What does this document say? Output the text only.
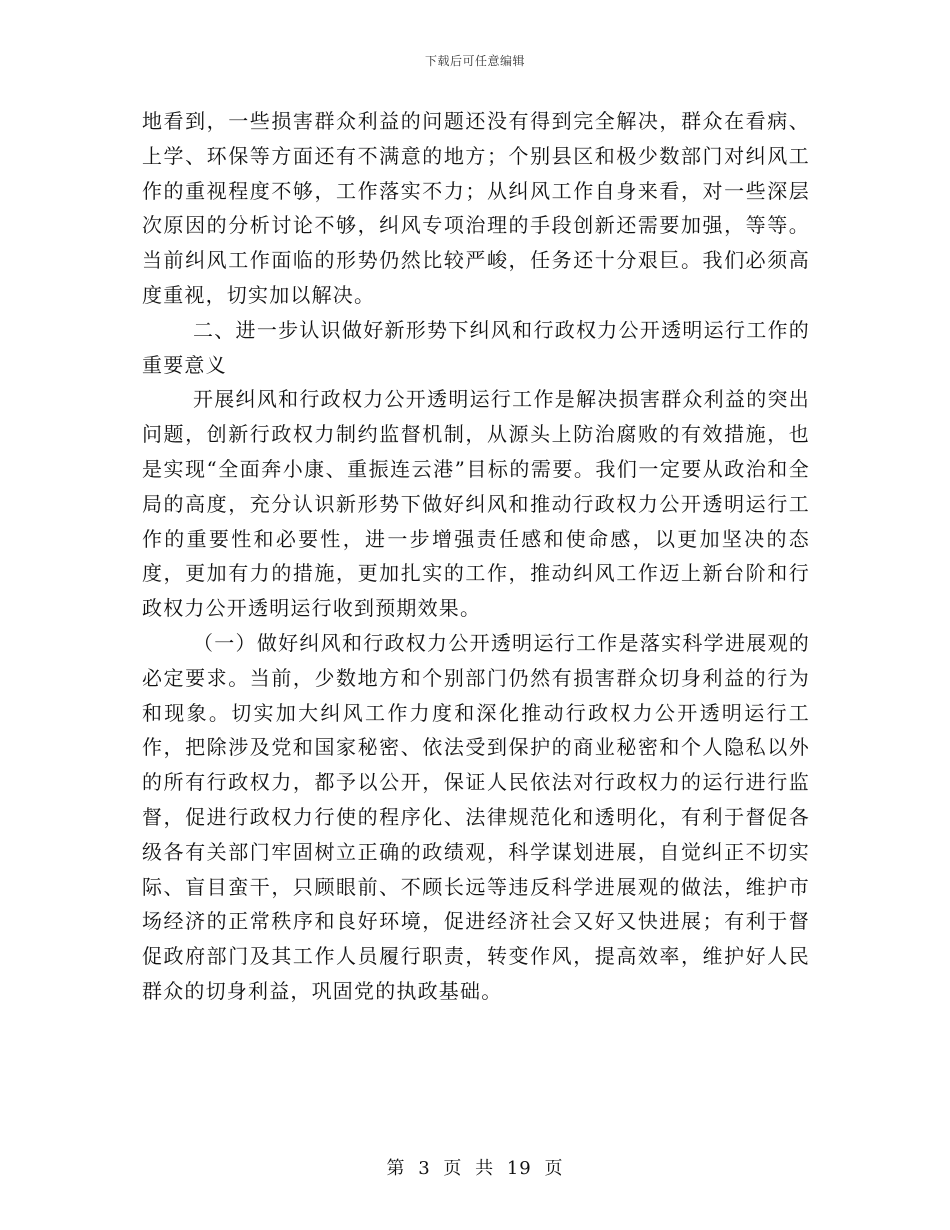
下载后可任意编辑

地看到，一些损害群众利益的问题还没有得到完全解决，群众在看病、上学、环保等方面还有不满意的地方；个别县区和极少数部门对纠风工作的重视程度不够，工作落实不力；从纠风工作自身来看，对一些深层次原因的分析讨论不够，纠风专项治理的手段创新还需要加强，等等。当前纠风工作面临的形势仍然比较严峻，任务还十分艰巨。我们必须高度重视，切实加以解决。

二、进一步认识做好新形势下纠风和行政权力公开透明运行工作的重要意义

开展纠风和行政权力公开透明运行工作是解决损害群众利益的突出问题，创新行政权力制约监督机制，从源头上防治腐败的有效措施，也是实现“全面奔小康、重振连云港”目标的需要。我们一定要从政治和全局的高度，充分认识新形势下做好纠风和推动行政权力公开透明运行工作的重要性和必要性，进一步增强责任感和使命感，以更加坚决的态度，更加有力的措施，更加扎实的工作，推动纠风工作迈上新台阶和行政权力公开透明运行收到预期效果。

（一）做好纠风和行政权力公开透明运行工作是落实科学进展观的必定要求。当前，少数地方和个别部门仍然有损害群众切身利益的行为和现象。切实加大纠风工作力度和深化推动行政权力公开透明运行工作，把除涉及党和国家秘密、依法受到保护的商业秘密和个人隐私以外的所有行政权力，都予以公开，保证人民依法对行政权力的运行进行监督，促进行政权力行使的程序化、法律规范化和透明化，有利于督促各级各有关部门牢固树立正确的政绩观，科学谋划进展，自觉纠正不切实际、盲目蛮干，只顾眼前、不顾长远等违反科学进展观的做法，维护市场经济的正常秩序和良好环境，促进经济社会又好又快进展；有利于督促政府部门及其工作人员履行职责，转变作风，提高效率，维护好人民群众的切身利益，巩固党的执政基础。

第 3 页 共 19 页
